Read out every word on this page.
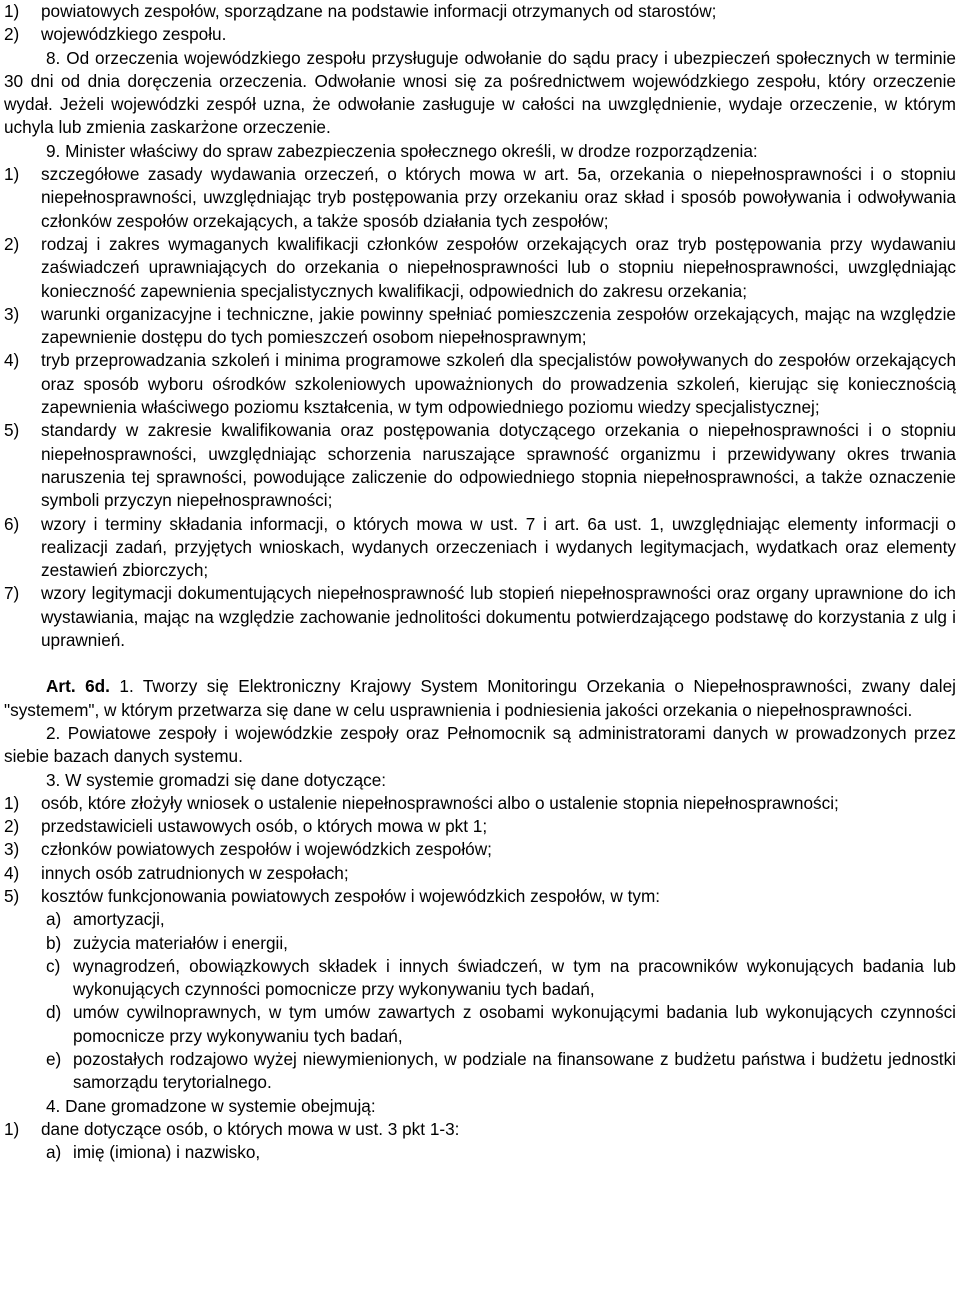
1)	powiatowych zespołów, sporządzane na podstawie informacji otrzymanych od starostów;
2)	wojewódzkiego zespołu.

8. Od orzeczenia wojewódzkiego zespołu przysługuje odwołanie do sądu pracy i ubezpieczeń społecznych w terminie 30 dni od dnia doręczenia orzeczenia. Odwołanie wnosi się za pośrednictwem wojewódzkiego zespołu, który orzeczenie wydał. Jeżeli wojewódzki zespół uzna, że odwołanie zasługuje w całości na uwzględnienie, wydaje orzeczenie, w którym uchyla lub zmienia zaskarżone orzeczenie.

9. Minister właściwy do spraw zabezpieczenia społecznego określi, w drodze rozporządzenia:

1)	szczegółowe zasady wydawania orzeczeń, o których mowa w art. 5a, orzekania o niepełnosprawności i o stopniu niepełnosprawności, uwzględniając tryb postępowania przy orzekaniu oraz skład i sposób powoływania i odwoływania członków zespołów orzekających, a także sposób działania tych zespołów;
2)	rodzaj i zakres wymaganych kwalifikacji członków zespołów orzekających oraz tryb postępowania przy wydawaniu zaświadczeń uprawniających do orzekania o niepełnosprawności lub o stopniu niepełnosprawności, uwzględniając konieczność zapewnienia specjalistycznych kwalifikacji, odpowiednich do zakresu orzekania;
3)	warunki organizacyjne i techniczne, jakie powinny spełniać pomieszczenia zespołów orzekających, mając na względzie zapewnienie dostępu do tych pomieszczeń osobom niepełnosprawnym;
4)	tryb przeprowadzania szkoleń i minima programowe szkoleń dla specjalistów powoływanych do zespołów orzekających oraz sposób wyboru ośrodków szkoleniowych upoważnionych do prowadzenia szkoleń, kierując się koniecznością zapewnienia właściwego poziomu kształcenia, w tym odpowiedniego poziomu wiedzy specjalistycznej;
5)	standardy w zakresie kwalifikowania oraz postępowania dotyczącego orzekania o niepełnosprawności i o stopniu niepełnosprawności, uwzględniając schorzenia naruszające sprawność organizmu i przewidywany okres trwania naruszenia tej sprawności, powodujące zaliczenie do odpowiedniego stopnia niepełnosprawności, a także oznaczenie symboli przyczyn niepełnosprawności;
6)	wzory i terminy składania informacji, o których mowa w ust. 7 i art. 6a ust. 1, uwzględniając elementy informacji o realizacji zadań, przyjętych wnioskach, wydanych orzeczeniach i wydanych legitymacjach, wydatkach oraz elementy zestawień zbiorczych;
7)	wzory legitymacji dokumentujących niepełnosprawność lub stopień niepełnosprawności oraz organy uprawnione do ich wystawiania, mając na względzie zachowanie jednolitości dokumentu potwierdzającego podstawę do korzystania z ulg i uprawnień.

Art. 6d. 1. Tworzy się Elektroniczny Krajowy System Monitoringu Orzekania o Niepełnosprawności, zwany dalej "systemem", w którym przetwarza się dane w celu usprawnienia i podniesienia jakości orzekania o niepełnosprawności.

2. Powiatowe zespoły i wojewódzkie zespoły oraz Pełnomocnik są administratorami danych w prowadzonych przez siebie bazach danych systemu.

3. W systemie gromadzi się dane dotyczące:

1)	osób, które złożyły wniosek o ustalenie niepełnosprawności albo o ustalenie stopnia niepełnosprawności;
2)	przedstawicieli ustawowych osób, o których mowa w pkt 1;
3)	członków powiatowych zespołów i wojewódzkich zespołów;
4)	innych osób zatrudnionych w zespołach;
5)	kosztów funkcjonowania powiatowych zespołów i wojewódzkich zespołów, w tym:
a) amortyzacji,
b) zużycia materiałów i energii,
c) wynagrodzeń, obowiązkowych składek i innych świadczeń, w tym na pracowników wykonujących badania lub wykonujących czynności pomocnicze przy wykonywaniu tych badań,
d) umów cywilnoprawnych, w tym umów zawartych z osobami wykonującymi badania lub wykonujących czynności pomocnicze przy wykonywaniu tych badań,
e) pozostałych rodzajowo wyżej niewymienionych, w podziale na finansowane z budżetu państwa i budżetu jednostki samorządu terytorialnego.

4. Dane gromadzone w systemie obejmują:

1)	dane dotyczące osób, o których mowa w ust. 3 pkt 1-3:
a) imię (imiona) i nazwisko,
